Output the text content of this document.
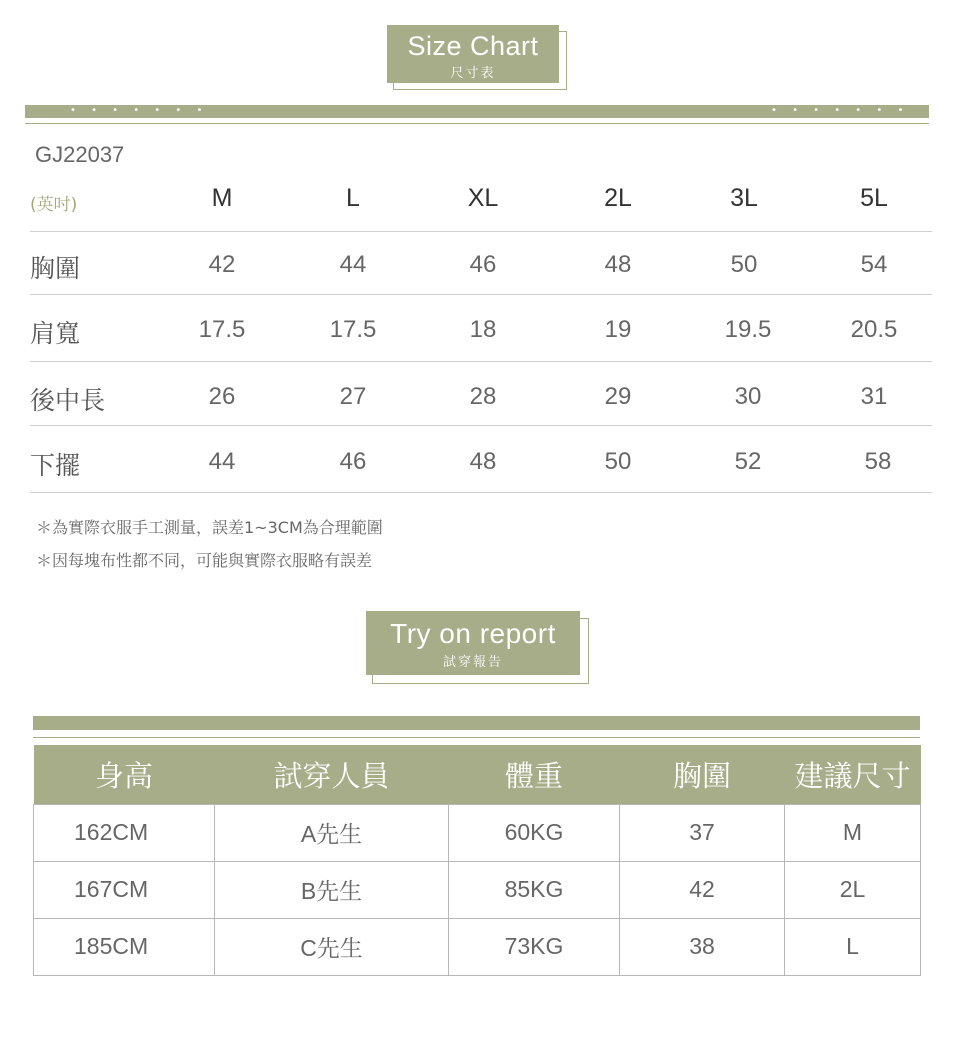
Size Chart
尺寸表
• • • • • • •	• • • • • • •
GJ22037
(英吋)	M	L	XL	2L	3L	5L
胸圍	42	44	46	48	50	54
肩寬	17.5	17.5	18	19	19.5	20.5
後中長	26	27	28	29	30	31
下擺	44	46	48	50	52	58
＊為實際衣服手工測量，誤差1~3CM為合理範圍
＊因每塊布性都不同，可能與實際衣服略有誤差
Try on report
試穿報告
身高	試穿人員	體重	胸圍	建議尺寸
162CM	A先生	60KG	37	M
167CM	B先生	85KG	42	2L
185CM	C先生	73KG	38	L
